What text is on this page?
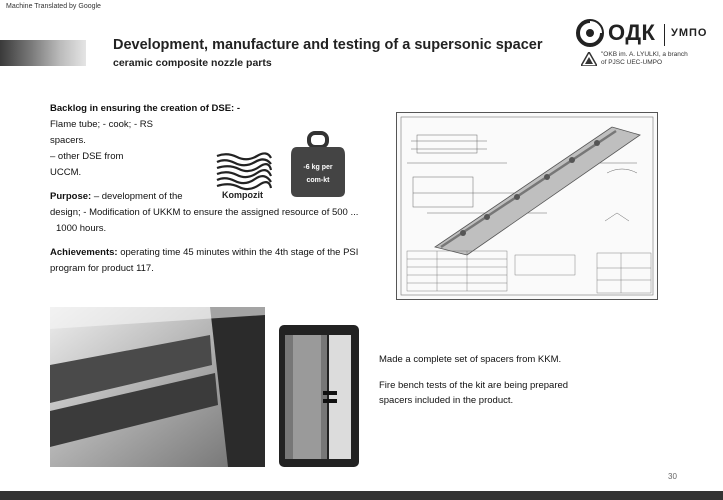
Machine Translated by Google
Development, manufacture and testing of a supersonic spacer
ceramic composite nozzle parts
ОДК УМПО
"OKB im. A. LYULKI, a branch
of PJSC UEC-UMPO

Backlog in ensuring the creation of DSE: -

Flame tube; - cook; - RS

spacers.

– other DSE from

UCCM.

Purpose: – development of the

design; - Modification of UKKM to ensure the assigned resource of 500 ...

1000 hours.

Achievements: operating time 45 minutes within the 4th stage of the PSI

program for product 117.

Kompozit
-6 kg per
com-kt

Made a complete set of spacers from KKM.

Fire bench tests of the kit are being prepared

spacers included in the product.

30
